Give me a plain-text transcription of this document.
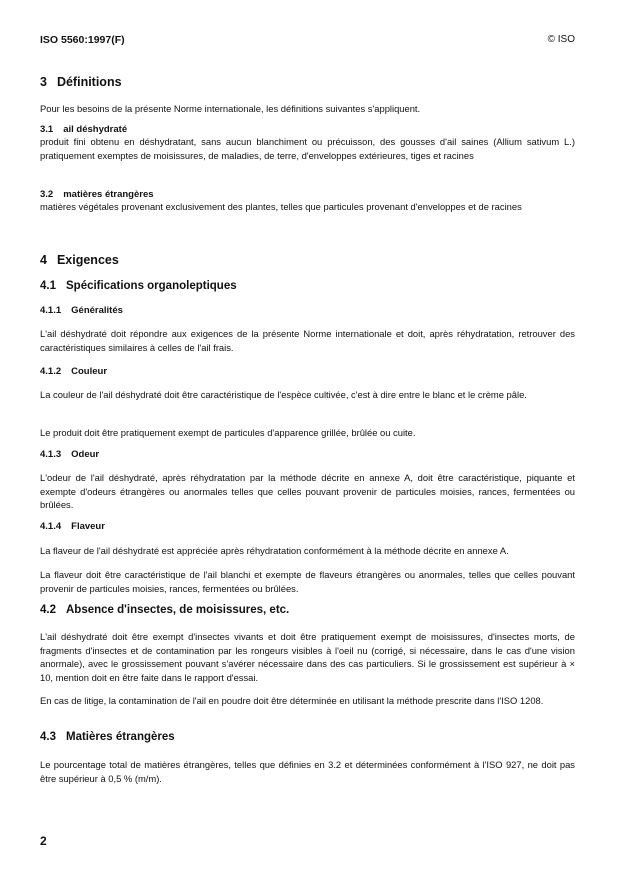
ISO 5560:1997(F)	© ISO
3 Définitions

Pour les besoins de la présente Norme internationale, les définitions suivantes s'appliquent.

3.1 ail déshydraté

produit fini obtenu en déshydratant, sans aucun blanchiment ou précuisson, des gousses d'ail saines (Allium sativum L.) pratiquement exemptes de moisissures, de maladies, de terre, d'enveloppes extérieures, tiges et racines

3.2 matières étrangères

matières végétales provenant exclusivement des plantes, telles que particules provenant d'enveloppes et de racines

4 Exigences
4.1 Spécifications organoleptiques
4.1.1 Généralités

L'ail déshydraté doit répondre aux exigences de la présente Norme internationale et doit, après réhydratation, retrouver des caractéristiques similaires à celles de l'ail frais.

4.1.2 Couleur

La couleur de l'ail déshydraté doit être caractéristique de l'espèce cultivée, c'est à dire entre le blanc et le crème pâle.

Le produit doit être pratiquement exempt de particules d'apparence grillée, brûlée ou cuite.

4.1.3 Odeur

L'odeur de l'ail déshydraté, après réhydratation par la méthode décrite en annexe A, doit être caractéristique, piquante et exempte d'odeurs étrangères ou anormales telles que celles pouvant provenir de particules moisies, rances, fermentées ou brûlées.

4.1.4 Flaveur

La flaveur de l'ail déshydraté est appréciée après réhydratation conformément à la méthode décrite en annexe A.

La flaveur doit être caractéristique de l'ail blanchi et exempte de flaveurs étrangères ou anormales, telles que celles pouvant provenir de particules moisies, rances, fermentées ou brûlées.

4.2 Absence d'insectes, de moisissures, etc.

L'ail déshydraté doit être exempt d'insectes vivants et doit être pratiquement exempt de moisissures, d'insectes morts, de fragments d'insectes et de contamination par les rongeurs visibles à l'oeil nu (corrigé, si nécessaire, dans le cas d'une vision anormale), avec le grossissement pouvant s'avérer nécessaire dans des cas particuliers. Si le grossissement est supérieur à × 10, mention doit en être faite dans le rapport d'essai.

En cas de litige, la contamination de l'ail en poudre doit être déterminée en utilisant la méthode prescrite dans l'ISO 1208.

4.3 Matières étrangères

Le pourcentage total de matières étrangères, telles que définies en 3.2 et déterminées conformément à l'ISO 927, ne doit pas être supérieur à 0,5 % (m/m).

2
